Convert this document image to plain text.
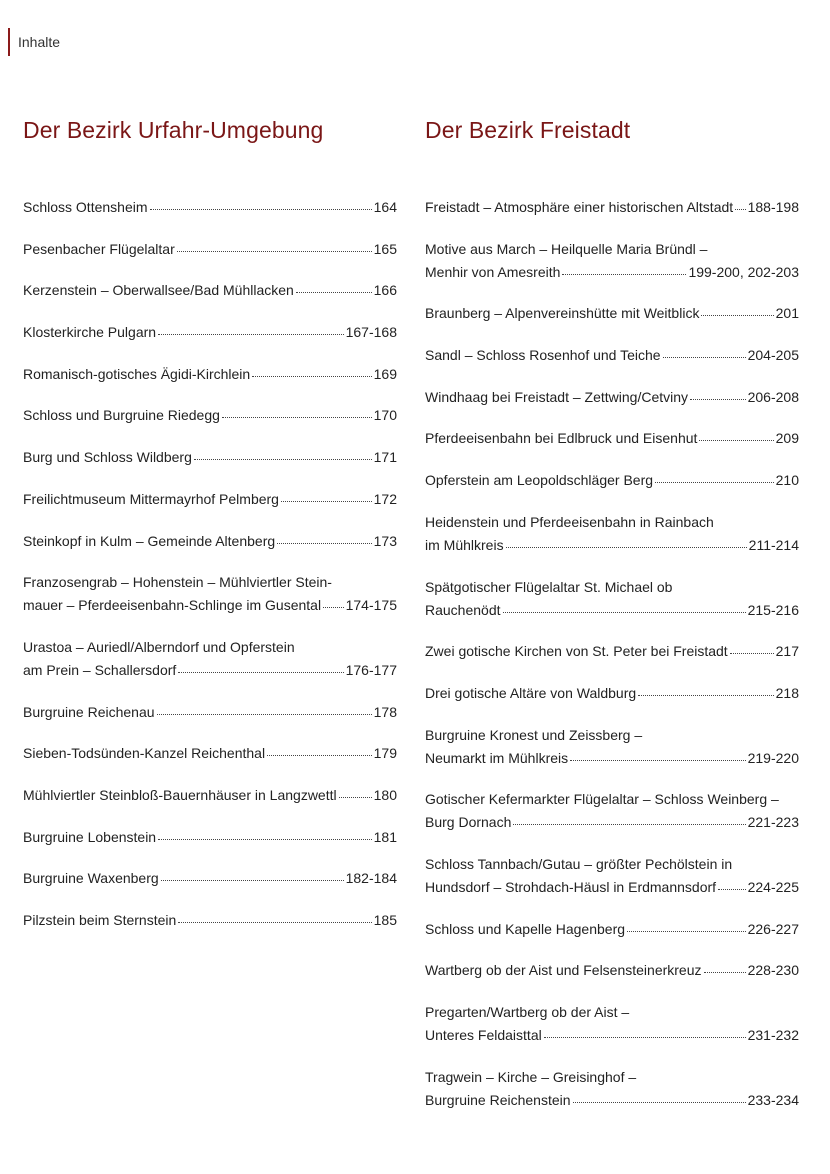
Inhalte
Der Bezirk Urfahr-Umgebung
Schloss Ottensheim	164
Pesenbacher Flügelaltar	165
Kerzenstein – Oberwallsee/Bad Mühllacken	166
Klosterkirche Pulgarn	167-168
Romanisch-gotisches Ägidi-Kirchlein	169
Schloss und Burgruine Riedegg	170
Burg und Schloss Wildberg	171
Freilichtmuseum Mittermayrhof Pelmberg	172
Steinkopf in Kulm – Gemeinde Altenberg	173
Franzosengrab – Hohenstein – Mühlviertler Stein-
mauer – Pferdeeisenbahn-Schlinge im Gusental 174-175
Urastoa – Auriedl/Alberndorf und Opferstein
am Prein – Schallersdorf	176-177
Burgruine Reichenau	178
Sieben-Todsünden-Kanzel Reichenthal	179
Mühlviertler Steinbloß-Bauernhäuser in Langzwettl	180
Burgruine Lobenstein	181
Burgruine Waxenberg	182-184
Pilzstein beim Sternstein	185
Der Bezirk Freistadt
Freistadt – Atmosphäre einer historischen Altstadt 188-198
Motive aus March – Heilquelle Maria Bründl –
Menhir von Amesreith	199-200, 202-203
Braunberg – Alpenvereinshütte mit Weitblick	201
Sandl – Schloss Rosenhof und Teiche	204-205
Windhaag bei Freistadt – Zettwing/Cetviny	206-208
Pferdeeisenbahn bei Edlbruck und Eisenhut	209
Opferstein am Leopoldschläger Berg	210
Heidenstein und Pferdeeisenbahn in Rainbach
im Mühlkreis	211-214
Spätgotischer Flügelaltar St. Michael ob
Rauchenödt	215-216
Zwei gotische Kirchen von St. Peter bei Freistadt	217
Drei gotische Altäre von Waldburg	218
Burgruine Kronest und Zeissberg –
Neumarkt im Mühlkreis	219-220
Gotischer Kefermarkter Flügelaltar – Schloss Weinberg –
Burg Dornach	221-223
Schloss Tannbach/Gutau – größter Pechölstein in
Hundsdorf – Strohdach-Häusl in Erdmannsdorf 224-225
Schloss und Kapelle Hagenberg	226-227
Wartberg ob der Aist und Felsensteinerkreuz	228-230
Pregarten/Wartberg ob der Aist –
Unteres Feldaisttal	231-232
Tragwein – Kirche – Greisinghof –
Burgruine Reichenstein	233-234
